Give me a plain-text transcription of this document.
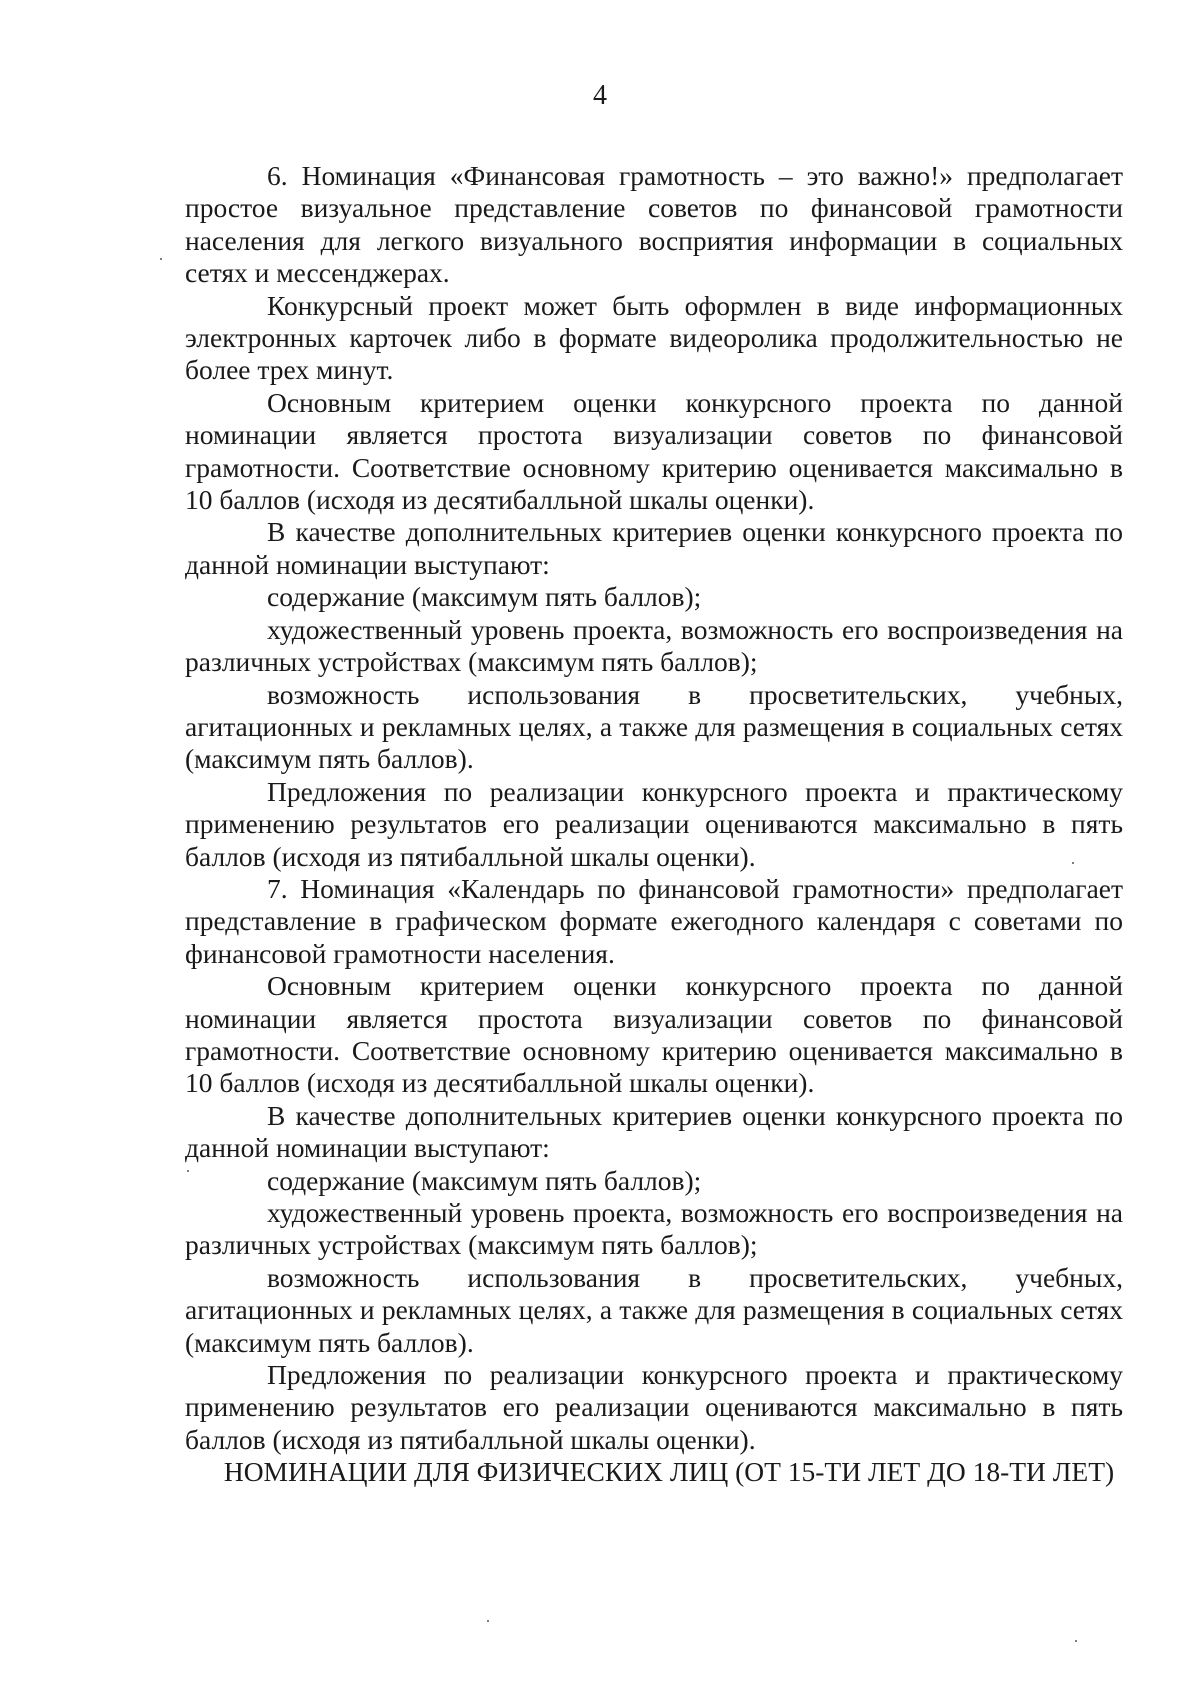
4

6. Номинация «Финансовая грамотность – это важно!» предполагает простое визуальное представление советов по финансовой грамотности населения для легкого визуального восприятия информации в социальных сетях и мессенджерах.

Конкурсный проект может быть оформлен в виде информационных электронных карточек либо в формате видеоролика продолжительностью не более трех минут.

Основным критерием оценки конкурсного проекта по данной номинации является простота визуализации советов по финансовой грамотности. Соответствие основному критерию оценивается максимально в 10 баллов (исходя из десятибалльной шкалы оценки).

В качестве дополнительных критериев оценки конкурсного проекта по данной номинации выступают:

содержание (максимум пять баллов);

художественный уровень проекта, возможность его воспроизведения на различных устройствах (максимум пять баллов);

возможность использования в просветительских, учебных, агитационных и рекламных целях, а также для размещения в социальных сетях (максимум пять баллов).

Предложения по реализации конкурсного проекта и практическому применению результатов его реализации оцениваются максимально в пять баллов (исходя из пятибалльной шкалы оценки).

7. Номинация «Календарь по финансовой грамотности» предполагает представление в графическом формате ежегодного календаря с советами по финансовой грамотности населения.

Основным критерием оценки конкурсного проекта по данной номинации является простота визуализации советов по финансовой грамотности. Соответствие основному критерию оценивается максимально в 10 баллов (исходя из десятибалльной шкалы оценки).

В качестве дополнительных критериев оценки конкурсного проекта по данной номинации выступают:

содержание (максимум пять баллов);

художественный уровень проекта, возможность его воспроизведения на различных устройствах (максимум пять баллов);

возможность использования в просветительских, учебных, агитационных и рекламных целях, а также для размещения в социальных сетях (максимум пять баллов).

Предложения по реализации конкурсного проекта и практическому применению результатов его реализации оцениваются максимально в пять баллов (исходя из пятибалльной шкалы оценки).

НОМИНАЦИИ ДЛЯ ФИЗИЧЕСКИХ ЛИЦ (ОТ 15-ТИ ЛЕТ ДО 18-ТИ ЛЕТ)
